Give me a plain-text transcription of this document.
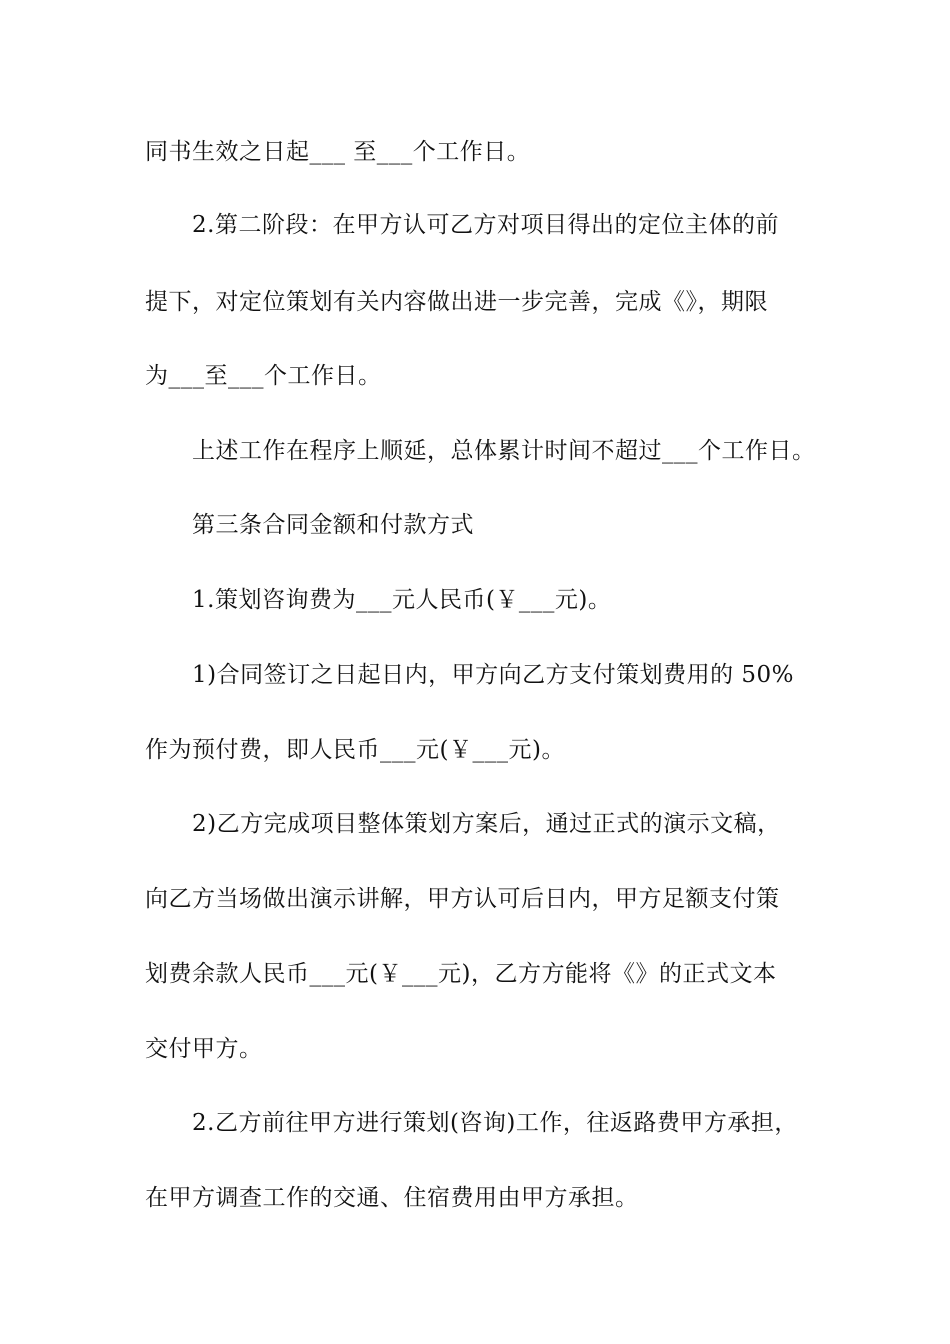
同书生效之日起___ 至___个工作日。
2.第二阶段：在甲方认可乙方对项目得出的定位主体的前
提下，对定位策划有关内容做出进一步完善，完成《》，期限
为___至___个工作日。
上述工作在程序上顺延，总体累计时间不超过___个工作日。
第三条合同金额和付款方式
1.策划咨询费为___元人民币(￥___元)。
1)合同签订之日起日内，甲方向乙方支付策划费用的 50%
作为预付费，即人民币___元(￥___元)。
2)乙方完成项目整体策划方案后，通过正式的演示文稿，
向乙方当场做出演示讲解，甲方认可后日内，甲方足额支付策
划费余款人民币___元(￥___元)，乙方方能将《》的正式文本
交付甲方。
2.乙方前往甲方进行策划(咨询)工作，往返路费甲方承担，
在甲方调查工作的交通、住宿费用由甲方承担。
